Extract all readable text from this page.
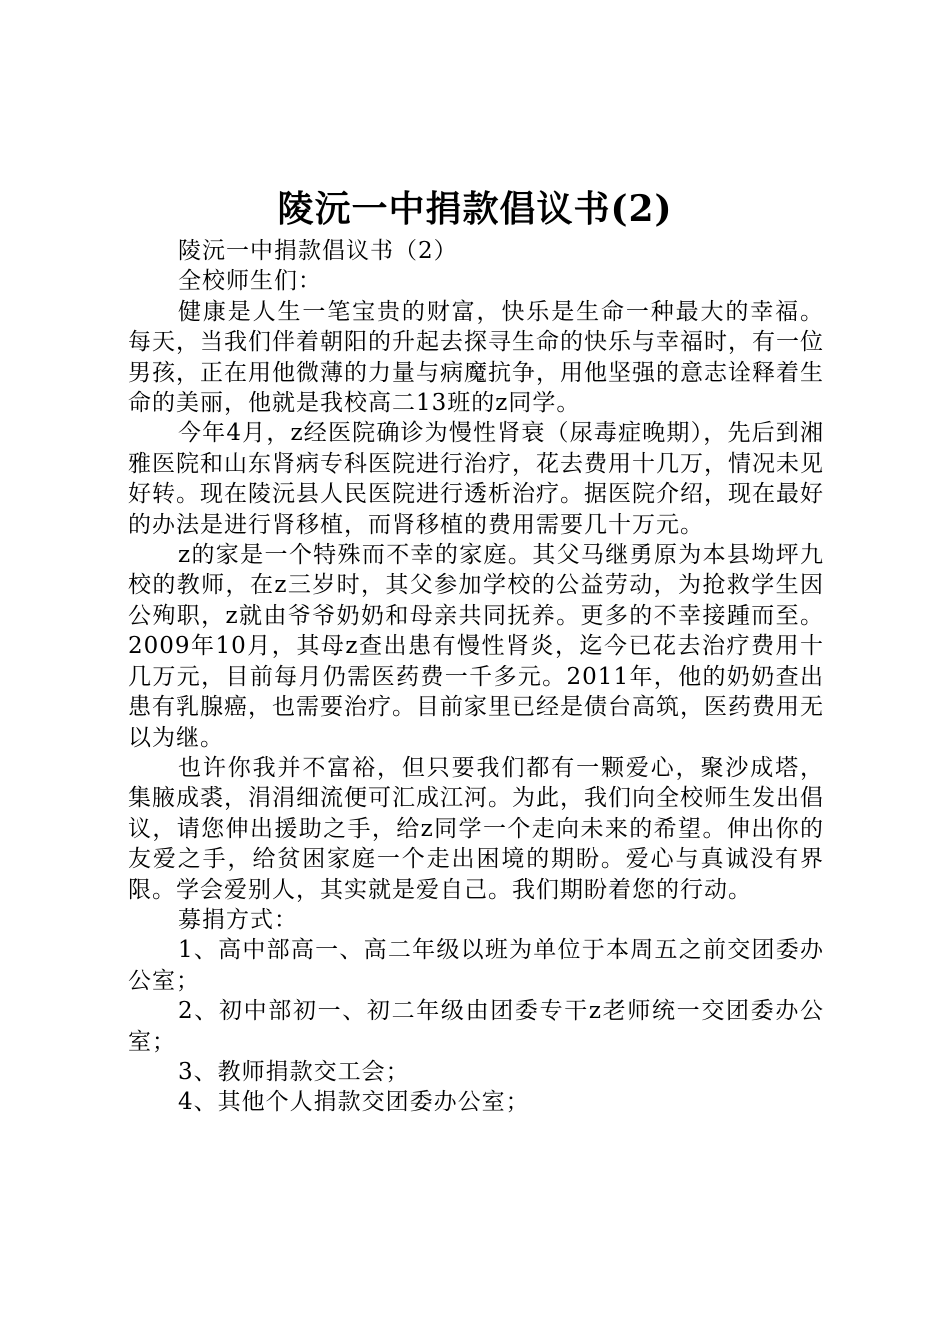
陵沅一中捐款倡议书(2)

陵沅一中捐款倡议书（2）

全校师生们：

健康是人生一笔宝贵的财富，快乐是生命一种最大的幸福。每天，当我们伴着朝阳的升起去探寻生命的快乐与幸福时，有一位男孩，正在用他微薄的力量与病魔抗争，用他坚强的意志诠释着生命的美丽，他就是我校高二13班的z同学。

今年4月，z经医院确诊为慢性肾衰（尿毒症晚期），先后到湘雅医院和山东肾病专科医院进行治疗，花去费用十几万，情况未见好转。现在陵沅县人民医院进行透析治疗。据医院介绍，现在最好的办法是进行肾移植，而肾移植的费用需要几十万元。

z的家是一个特殊而不幸的家庭。其父马继勇原为本县坳坪九校的教师，在z三岁时，其父参加学校的公益劳动，为抢救学生因公殉职，z就由爷爷奶奶和母亲共同抚养。更多的不幸接踵而至。2009年10月，其母z查出患有慢性肾炎，迄今已花去治疗费用十几万元，目前每月仍需医药费一千多元。2011年，他的奶奶查出患有乳腺癌，也需要治疗。目前家里已经是债台高筑，医药费用无以为继。

也许你我并不富裕，但只要我们都有一颗爱心，聚沙成塔，集腋成裘，涓涓细流便可汇成江河。为此，我们向全校师生发出倡议，请您伸出援助之手，给z同学一个走向未来的希望。伸出你的友爱之手，给贫困家庭一个走出困境的期盼。爱心与真诚没有界限。学会爱别人，其实就是爱自己。我们期盼着您的行动。

募捐方式：

1、高中部高一、高二年级以班为单位于本周五之前交团委办公室；

2、初中部初一、初二年级由团委专干z老师统一交团委办公室；

3、教师捐款交工会；

4、其他个人捐款交团委办公室；
